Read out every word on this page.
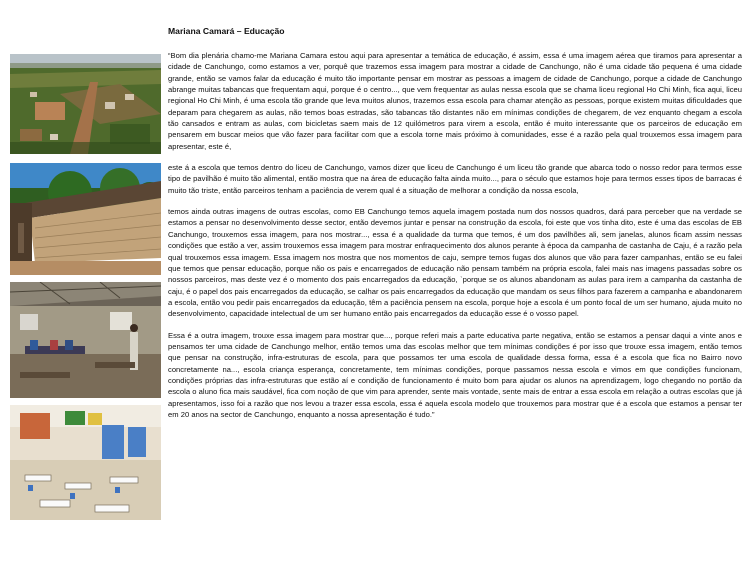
Mariana Camará – Educação

“Bom dia plenária chamo-me Mariana Camara estou aqui para apresentar a temática de educação, é assim, essa é uma imagem aérea que tiramos para apresentar a cidade de Canchungo, como estamos a ver, porquê que trazemos essa imagem para mostrar a cidade de Canchungo, não é uma cidade tão pequena é uma cidade grande, então se vamos falar da educação é muito tão importante pensar em mostrar as pessoas a imagem de cidade de Canchungo, porque a cidade de Canchungo abrange muitas tabancas que frequentam aqui, porque é o centro..., que vem frequentar as aulas nessa escola que se chama liceu regional Ho Chi Minh, fica aqui, liceu regional Ho Chi Minh, é uma escola tão grande que leva muitos alunos, trazemos essa escola para chamar atenção as pessoas, porque existem muitas dificuldades que deparam para chegarem as aulas, não temos boas estradas, são tabancas tão distantes não em mínimas condições de chegarem, de vez enquanto chegam a escola tão cansados e entram as aulas, com bicicletas saem mais de 12 quilómetros para virem a escola, então é muito interessante que os parceiros de educação em pensarem em buscar meios que vão fazer para facilitar com que a escola torne mais próximo à comunidades, esse é a razão pela qual trouxemos essa imagem para apresentar, este é,

este á a escola que temos dentro do liceu de Canchungo, vamos dizer que liceu de Canchungo é um liceu tão grande que abarca todo o nosso redor para termos esse tipo de pavilhão é muito tão alimental, então mostra que na área de educação falta ainda muito..., para o século que estamos hoje para termos esses tipos de barracas é muito tão triste, então parceiros tenham a paciência de verem qual é a situação de melhorar a condição da nossa escola,

temos ainda outras imagens de outras escolas, como EB Canchungo temos aquela imagem postada num dos nossos quadros, dará para perceber que na verdade se estamos a pensar no desenvolvimento desse sector, então devemos juntar e pensar na construção da escola, foi este que vos tinha dito, este é uma das escolas de EB Canchungo, trouxemos essa imagem, para nos mostrar..., essa é a qualidade da turma que temos, é um dos pavilhões ali, sem janelas, alunos ficam assim nessas condições que estão a ver, assim trouxemos essa imagem para mostrar enfraquecimento dos alunos perante à época da campanha de castanha de Caju, é a razão pela qual trouxemos essa imagem. Essa imagem nos mostra que nos momentos de caju, sempre temos fugas dos alunos que vão para fazer campanhas, então se eu falei que temos que pensar educação, porque não os pais e encarregados de educação não pensam também na própria escola, falei mais nas imagens passadas sobre os nossos parceiros, mas deste vez é o momento dos pais encarregados da educação, `porque se os alunos abandonam as aulas para irem a campanha da castanha de caju, é o papel dos pais encarregados da educação, se calhar os pais encarregados da educação que mandam os seus filhos para fazerem a campanha e abandonarem a escola, então vou pedir pais encarregados da educação, têm a paciência pensem na escola, porque hoje a escola é um ponto focal de um ser humano, ajuda muito no desenvolvimento, capacidade intelectual de um ser humano então pais encarregados da educação esse é o vosso papel.

Essa é a outra imagem, trouxe essa imagem para mostrar que..., porque referi mais a parte educativa parte negativa, então se estamos a pensar daqui a vinte anos e pensamos ter uma cidade de Canchungo melhor, então temos uma das escolas melhor que tem mínimas condições é por isso que trouxe essa imagem, então temos que pensar na construção, infra-estruturas de escola, para que possamos ter uma escola de qualidade dessa forma, essa é a escola que fica no Bairro novo concretamente na..., escola criança esperança, concretamente, tem mínimas condições, porque passamos nessa escola e vimos em que condições funcionam, condições próprias das infra-estruturas que estão aí e condição de funcionamento é muito bom para ajudar os alunos na aprendizagem, logo chegando no portão da escola o aluno fica mais saudável, fica com noção de que vim para aprender, sente mais vontade, sente mais de entrar a essa escola em relação a outras escolas que já apresentamos, isso foi a razão que nos levou a trazer essa escola, essa é aquela escola modelo que trouxemos para mostrar que é a escola que estamos a pensar ter em 20 anos na sector de Canchungo, enquanto a nossa apresentação é tudo.”
